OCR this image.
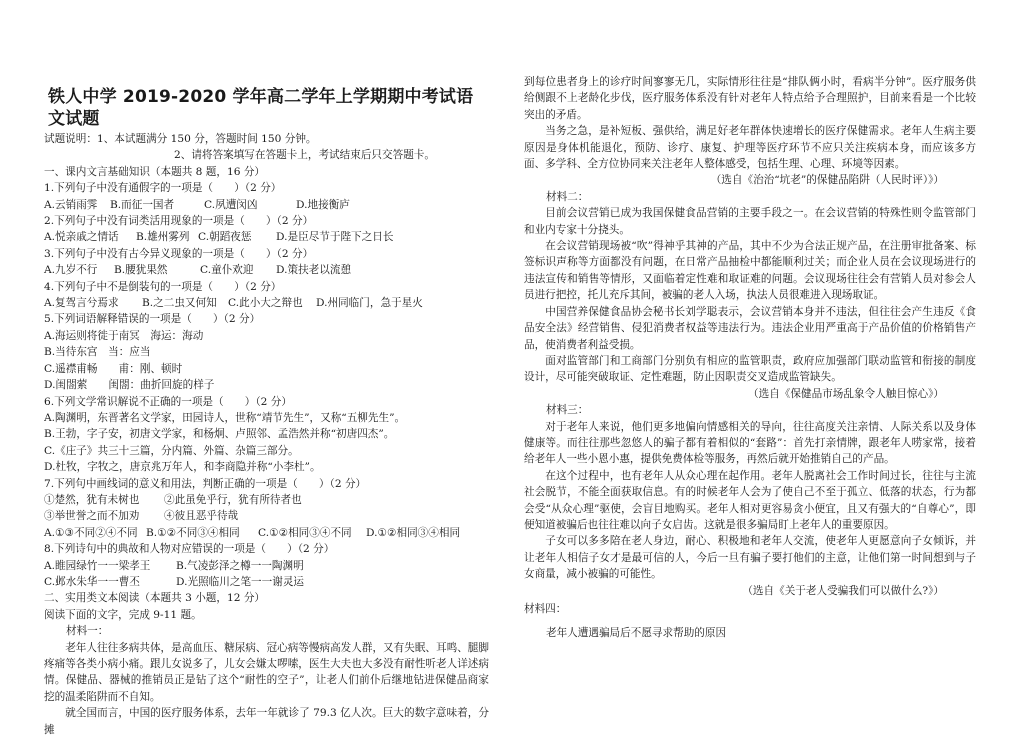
铁人中学 2019-2020 学年高二学年上学期期中考试语文试题
试题说明：1、本试题满分 150 分，答题时间 150 分钟。
2、请将答案填写在答题卡上，考试结束后只交答题卡。
一、课内文言基础知识（本题共 8 题，16 分）
1.下列句子中没有通假字的一项是（　　）（2 分）
A.云销雨霁	B.而征一国者	C.夙遭闵凶	D.地接衡庐
2.下列句子中没有词类活用现象的一项是（　　）（2 分）
A.悦亲戚之情话	B.雄州雾列 C.朝蹈夜惩	D.是臣尽节于陛下之日长
3.下列句子中没有古今异义现象的一项是（　　）（2 分）
A.九岁不行	B.腰犹果然	C.童仆欢迎	D.策扶老以流憩
4.下列句子中不是倒装句的一项是（　　）（2 分）
A.复驾言兮焉求	B.之二虫又何知	C.此小大之辩也	D.州同临门，急于星火
5.下列词语解释错误的一项是（　　）（2 分）
A.海运则将徙于南冥　海运：海动
B.当待东宫　当：应当
C.遥襟甫畅　　甫：刚、顿时
D.闺閤萦　　闺閤：曲折回旋的样子
6.下列文学常识解说不正确的一项是（　　）（2 分）
A.陶渊明，东晋著名文学家，田园诗人，世称“靖节先生”，又称“五柳先生”。
B.王勃，字子安，初唐文学家，和杨炯、卢照邻、孟浩然并称“初唐四杰”。
C.《庄子》共三十三篇，分内篇、外篇、杂篇三部分。
D.杜牧，字牧之，唐京兆万年人，和李商隐并称“小李杜”。
7.下列句中画线词的意义和用法，判断正确的一项是（　　）（2 分）
①楚然，犹有未树也	②此虽免乎行，犹有所待者也
③举世誉之而不加劝	④彼且恶乎待哉
A.①③不同②④不同 B.①②不同③④相同	C.①②相同③④不同	D.①②相同③④相同
8.下列诗句中的典故和人物对应错误的一项是（　　）（2 分）
A.睢园绿竹一一梁孝王	B.气凌彭泽之樽一一陶渊明
C.邺水朱华一一曹丕	D.光照临川之笔一一谢灵运
二、实用类文本阅读（本题共 3 小题，12 分）
阅读下面的文字，完成 9-11 题。
材料一：

老年人往往多病共体，是高血压、糖尿病、冠心病等慢病高发人群，又有失眠、耳鸣、腿脚疼痛等各类小病小痛。跟儿女说多了，儿女会嫌太啰嗦，医生大夫也大多没有耐性听老人详述病情。保健品、器械的推销员正是钻了这个“耐性的空子”，让老人们前仆后继地钻进保健品商家挖的温柔陷阱而不自知。

就全国而言，中国的医疗服务体系，去年一年就诊了 79.3 亿人次。巨大的数字意味着，分摊

到每位患者身上的诊疗时间寥寥无几，实际情形往往是“排队俩小时，看病半分钟”。医疗服务供给侧跟不上老龄化步伐，医疗服务体系没有针对老年人特点给予合理照护，目前来看是一个比较突出的矛盾。

当务之急，是补短板、强供给，满足好老年群体快速增长的医疗保健需求。老年人生病主要原因是身体机能退化，预防、诊疗、康复、护理等医疗环节不应只关注疾病本身，而应该多方面、多学科、全方位协同来关注老年人整体感受，包括生理、心理、环境等因素。

（选自《治治“坑老”的保健品陷阱（人民时评）》）
材料二：

目前会议营销已成为我国保健食品营销的主要手段之一。在会议营销的特殊性则令监管部门和业内专家十分挠头。

在会议营销现场被“吹”得神乎其神的产品，其中不少为合法正规产品，在注册审批备案、标签标识声称等方面都没有问题，在日常产品抽检中都能顺利过关；而企业人员在会议现场进行的违法宣传和销售等情形，又面临着定性难和取证难的问题。会议现场往往会有营销人员对参会人员进行把控，托儿充斥其间，被骗的老人入场，执法人员很难进入现场取证。

中国营养保健食品协会秘书长刘学聪表示，会议营销本身并不违法，但往往会产生违反《食品安全法》经营销售、侵犯消费者权益等违法行为。违法企业用严重高于产品价值的价格销售产品，使消费者利益受损。

面对监管部门和工商部门分别负有相应的监管职责，政府应加强部门联动监管和衔接的制度设计，尽可能突破取证、定性难题，防止因职责交叉造成监管缺失。

（选自《保健品市场乱象令人触目惊心》）
材料三：

对于老年人来说，他们更多地偏向情感相关的导向，往往高度关注亲情、人际关系以及身体健康等。而往往那些忽悠人的骗子都有着相似的“套路”：首先打亲情牌，跟老年人唠家常，接着给老年人一些小恩小惠，提供免费体检等服务，再然后就开始推销自己的产品。

在这个过程中，也有老年人从众心理在起作用。老年人脱离社会工作时间过长，往往与主流社会脱节，不能全面获取信息。有的时候老年人会为了使自己不至于孤立、低落的状态，行为都会受“从众心理”驱使，会盲目地购买。老年人相对更容易贪小便宜，且又有强大的“自尊心”，即便知道被骗后也往往难以向子女启齿。这就是很多骗局盯上老年人的重要原因。

子女可以多多陪在老人身边，耐心、积极地和老年人交流，使老年人更愿意向子女倾诉，并让老年人相信子女才是最可信的人，今后一旦有骗子要打他们的主意，让他们第一时间想到与子女商量，减小被骗的可能性。

（选自《关于老人受骗我们可以做什么?》）
材料四：
老年人遭遇骗局后不愿寻求帮助的原因
